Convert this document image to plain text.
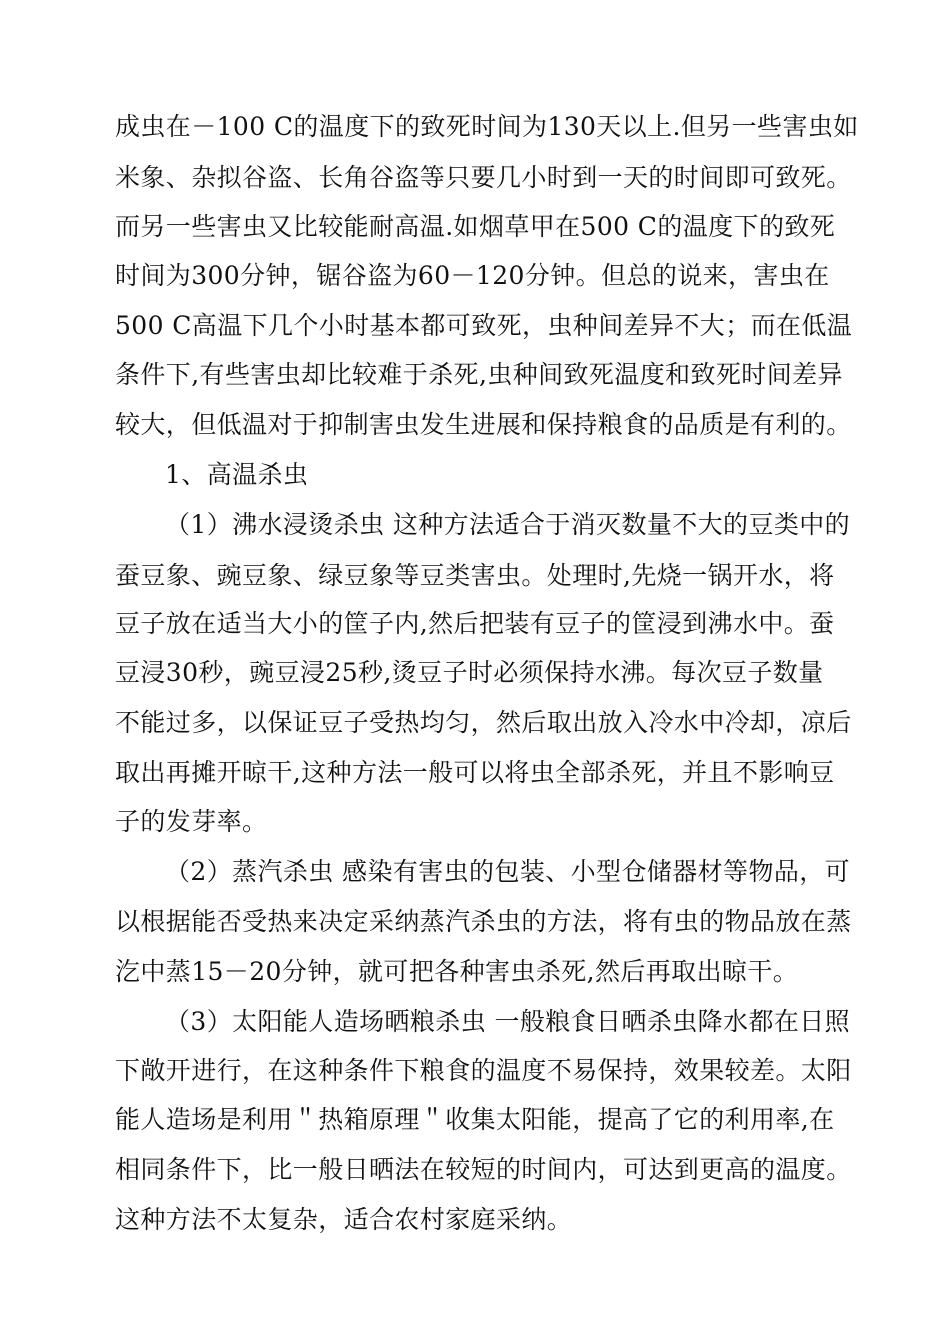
成虫在－100 C的温度下的致死时间为130天以上.但另一些害虫如
米象、杂拟谷盗、长角谷盗等只要几小时到一天的时间即可致死。
而另一些害虫又比较能耐高温.如烟草甲在500 C的温度下的致死
时间为300分钟，锯谷盗为60－120分钟。但总的说来，害虫在
500 C高温下几个小时基本都可致死，虫种间差异不大；而在低温
条件下,有些害虫却比较难于杀死,虫种间致死温度和致死时间差异
较大，但低温对于抑制害虫发生进展和保持粮食的品质是有利的。
1、高温杀虫
（1）沸水浸烫杀虫 这种方法适合于消灭数量不大的豆类中的
蚕豆象、豌豆象、绿豆象等豆类害虫。处理时,先烧一锅开水，将
豆子放在适当大小的筐子内,然后把装有豆子的筐浸到沸水中。蚕
豆浸30秒，豌豆浸25秒,烫豆子时必须保持水沸。每次豆子数量
不能过多，以保证豆子受热均匀，然后取出放入冷水中冷却，凉后
取出再摊开晾干,这种方法一般可以将虫全部杀死，并且不影响豆
子的发芽率。
（2）蒸汽杀虫 感染有害虫的包装、小型仓储器材等物品，可
以根据能否受热来决定采纳蒸汽杀虫的方法，将有虫的物品放在蒸
汔中蒸15－20分钟，就可把各种害虫杀死,然后再取出晾干。
（3）太阳能人造场晒粮杀虫 一般粮食日晒杀虫降水都在日照
下敞开进行，在这种条件下粮食的温度不易保持，效果较差。太阳
能人造场是利用＂热箱原理＂收集太阳能，提高了它的利用率,在
相同条件下，比一般日晒法在较短的时间内，可达到更高的温度。
这种方法不太复杂，适合农村家庭采纳。
